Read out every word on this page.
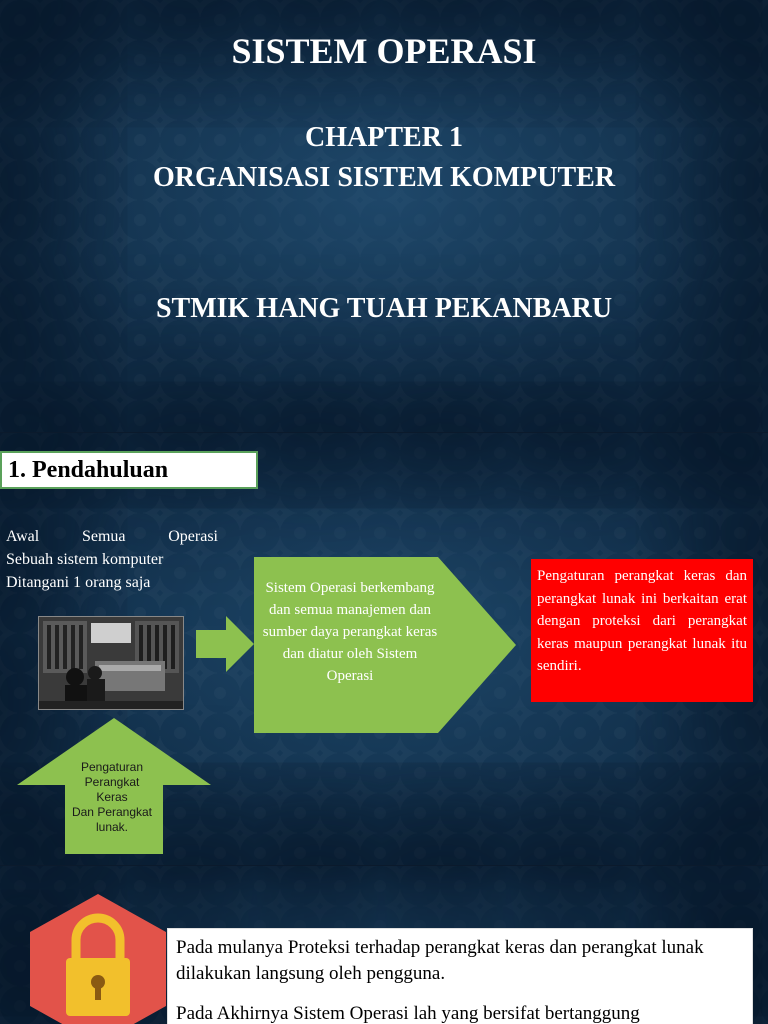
SISTEM OPERASI
CHAPTER 1
ORGANISASI SISTEM KOMPUTER
STMIK HANG TUAH PEKANBARU
1. Pendahuluan
Awal	Semua	Operasi
Sebuah sistem komputer
Ditangani 1 orang saja	Sistem Operasi berkembang dan semua manajemen dan sumber daya perangkat keras dan diatur oleh Sistem Operasi
Pengaturan perangkat keras dan perangkat lunak ini berkaitan erat dengan proteksi dari perangkat keras maupun perangkat lunak itu sendiri.
Pengaturan
Perangkat
Keras
Dan Perangkat
lunak.

Pada mulanya Proteksi terhadap perangkat keras dan perangkat lunak dilakukan langsung oleh pengguna.

Pada Akhirnya Sistem Operasi lah yang bersifat bertanggung
